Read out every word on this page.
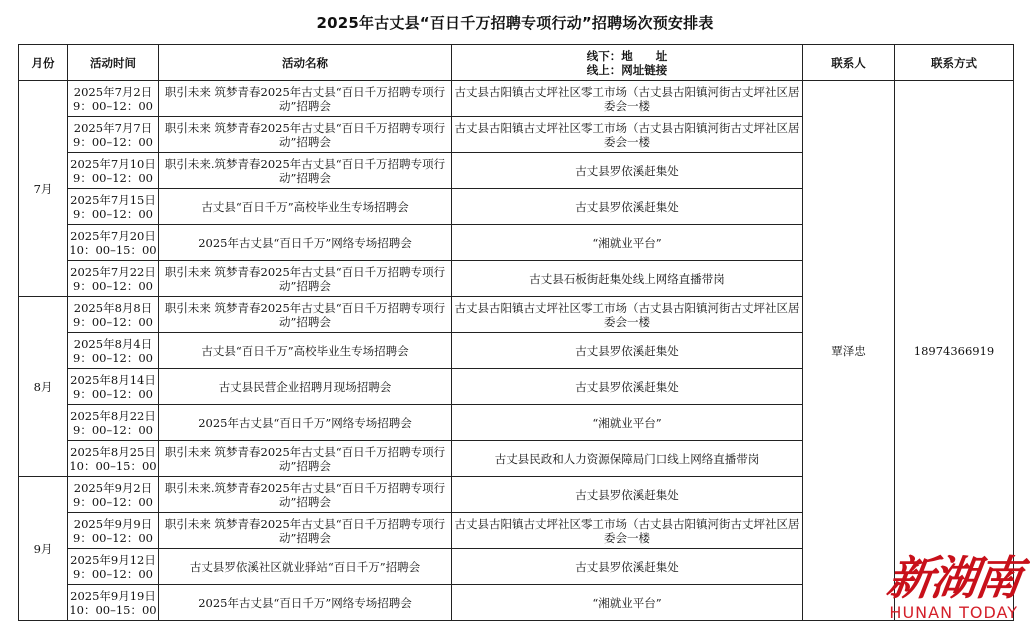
2025年古丈县“百日千万招聘专项行动”招聘场次预安排表
月份	活动时间	活动名称	线下：地　　址
线上：网址链接	联系人	联系方式
7月	2025年7月2日
9：00–12：00	职引未来 筑梦青春2025年古丈县“百日千万招聘专项行动”招聘会	古丈县古阳镇古丈坪社区零工市场（古丈县古阳镇河街古丈坪社区居委会一楼	覃泽忠	18974366919

	2025年7月7日
9：00–12：00	职引未来 筑梦青春2025年古丈县“百日千万招聘专项行动”招聘会	古丈县古阳镇古丈坪社区零工市场（古丈县古阳镇河街古丈坪社区居委会一楼		

	2025年7月10日
9：00–12：00	职引未来.筑梦青春2025年古丈县“百日千万招聘专项行动”招聘会	古丈县罗依溪赶集处		

	2025年7月15日
9：00–12：00	古丈县“百日千万”高校毕业生专场招聘会	古丈县罗依溪赶集处		

	2025年7月20日
10：00–15：00	2025年古丈县“百日千万”网络专场招聘会	“湘就业平台”		

	2025年7月22日
9：00–12：00	职引未来 筑梦青春2025年古丈县“百日千万招聘专项行动”招聘会	古丈县石板街赶集处线上网络直播带岗		
8月	2025年8月8日
9：00–12：00	职引未来 筑梦青春2025年古丈县“百日千万招聘专项行动”招聘会	古丈县古阳镇古丈坪社区零工市场（古丈县古阳镇河街古丈坪社区居委会一楼		

	2025年8月4日
9：00–12：00	古丈县“百日千万”高校毕业生专场招聘会	古丈县罗依溪赶集处		

	2025年8月14日
9：00–12：00	古丈县民营企业招聘月现场招聘会	古丈县罗依溪赶集处		

	2025年8月22日
9：00–12：00	2025年古丈县“百日千万”网络专场招聘会	“湘就业平台”		

	2025年8月25日
10：00–15：00	职引未来 筑梦青春2025年古丈县“百日千万招聘专项行动”招聘会	古丈县民政和人力资源保障局门口线上网络直播带岗		
9月	2025年9月2日
9：00–12：00	职引未来.筑梦青春2025年古丈县“百日千万招聘专项行动”招聘会	古丈县罗依溪赶集处		

	2025年9月9日
9：00–12：00	职引未来 筑梦青春2025年古丈县“百日千万招聘专项行动”招聘会	古丈县古阳镇古丈坪社区零工市场（古丈县古阳镇河街古丈坪社区居委会一楼		

	2025年9月12日
9：00–12：00	古丈县罗依溪社区就业驿站“百日千万”招聘会	古丈县罗依溪赶集处		

	2025年9月19日
10：00–15：00	2025年古丈县“百日千万”网络专场招聘会	“湘就业平台”			新湖南
HUNAN TODAY
